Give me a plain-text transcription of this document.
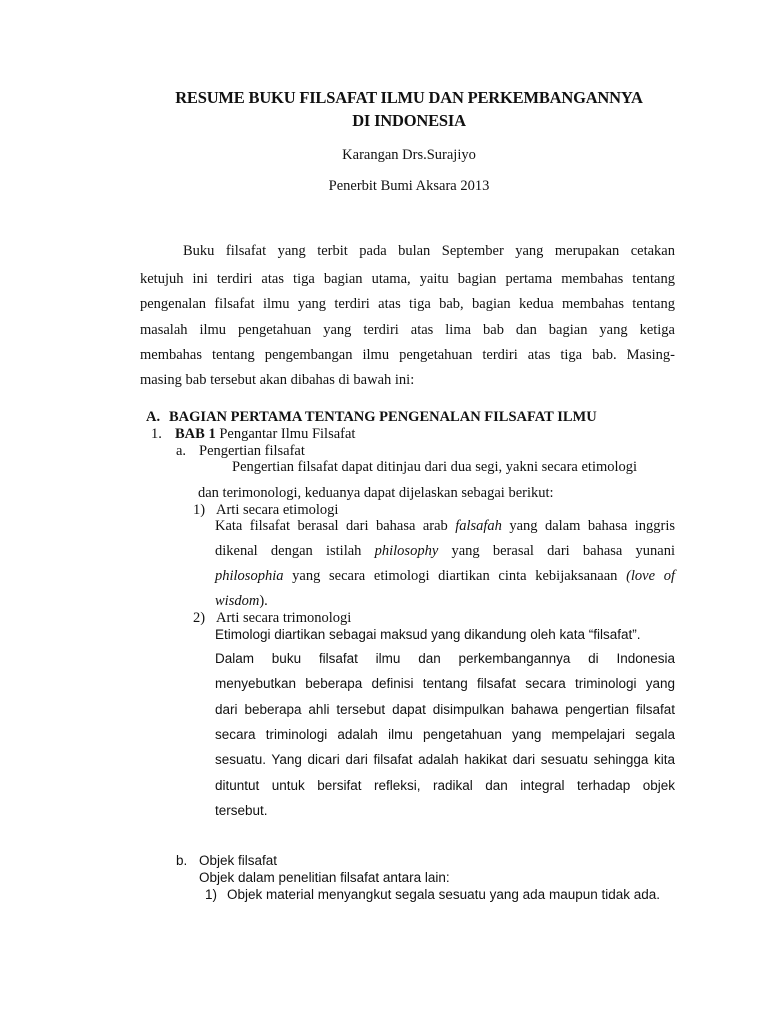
RESUME BUKU FILSAFAT ILMU DAN PERKEMBANGANNYA
DI INDONESIA
Karangan Drs.Surajiyo
Penerbit Bumi Aksara 2013
Buku filsafat yang terbit pada bulan September yang merupakan cetakan
ketujuh ini terdiri atas tiga bagian utama, yaitu bagian pertama membahas tentang
pengenalan filsafat ilmu yang terdiri atas tiga bab, bagian kedua membahas tentang
masalah ilmu pengetahuan yang terdiri atas lima bab dan bagian yang ketiga
membahas tentang pengembangan ilmu pengetahuan terdiri atas tiga bab. Masing-
masing bab tersebut akan dibahas di bawah ini:
A. BAGIAN PERTAMA TENTANG PENGENALAN FILSAFAT ILMU
1. BAB 1 Pengantar Ilmu Filsafat
a. Pengertian filsafat
Pengertian filsafat dapat ditinjau dari dua segi, yakni secara etimologi
dan terimonologi, keduanya dapat dijelaskan sebagai berikut:
1) Arti secara etimologi
Kata filsafat berasal dari bahasa arab falsafah yang dalam bahasa inggris
dikenal dengan istilah philosophy yang berasal dari bahasa yunani
philosophia yang secara etimologi diartikan cinta kebijaksanaan (love of
wisdom).
2) Arti secara trimonologi
Etimologi diartikan sebagai maksud yang dikandung oleh kata “filsafat”.
Dalam buku filsafat ilmu dan perkembangannya di Indonesia
menyebutkan beberapa definisi tentang filsafat secara triminologi yang
dari beberapa ahli tersebut dapat disimpulkan bahawa pengertian filsafat
secara triminologi adalah ilmu pengetahuan yang mempelajari segala
sesuatu. Yang dicari dari filsafat adalah hakikat dari sesuatu sehingga kita
dituntut untuk bersifat refleksi, radikal dan integral terhadap objek
tersebut.
b. Objek filsafat
Objek dalam penelitian filsafat antara lain:
1) Objek material menyangkut segala sesuatu yang ada maupun tidak ada.
